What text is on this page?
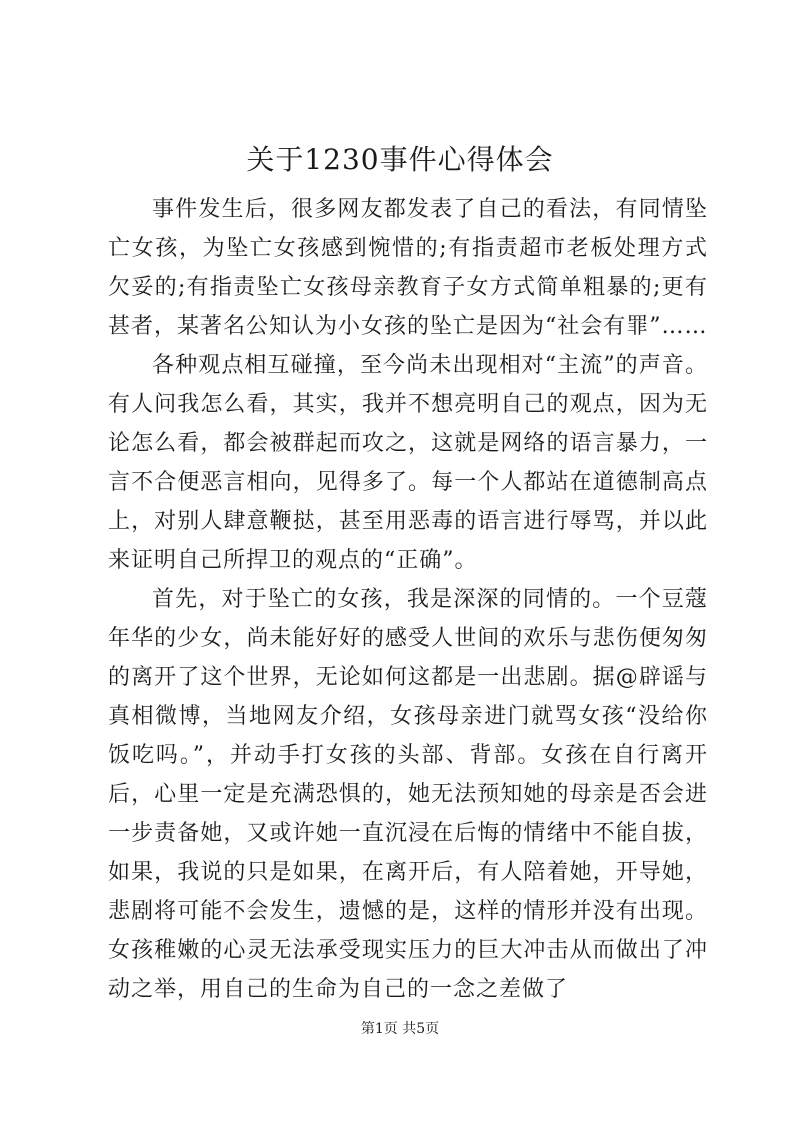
关于1230事件心得体会

事件发生后，很多网友都发表了自己的看法，有同情坠亡女孩，为坠亡女孩感到惋惜的;有指责超市老板处理方式欠妥的;有指责坠亡女孩母亲教育子女方式简单粗暴的;更有甚者，某著名公知认为小女孩的坠亡是因为“社会有罪”……

各种观点相互碰撞，至今尚未出现相对“主流”的声音。有人问我怎么看，其实，我并不想亮明自己的观点，因为无论怎么看，都会被群起而攻之，这就是网络的语言暴力，一言不合便恶言相向，见得多了。每一个人都站在道德制高点上，对别人肆意鞭挞，甚至用恶毒的语言进行辱骂，并以此来证明自己所捍卫的观点的“正确”。

首先，对于坠亡的女孩，我是深深的同情的。一个豆蔻年华的少女，尚未能好好的感受人世间的欢乐与悲伤便匆匆的离开了这个世界，无论如何这都是一出悲剧。据@辟谣与真相微博，当地网友介绍，女孩母亲进门就骂女孩“没给你饭吃吗。”，并动手打女孩的头部、背部。女孩在自行离开后，心里一定是充满恐惧的，她无法预知她的母亲是否会进一步责备她，又或许她一直沉浸在后悔的情绪中不能自拔，如果，我说的只是如果，在离开后，有人陪着她，开导她，悲剧将可能不会发生，遗憾的是，这样的情形并没有出现。女孩稚嫩的心灵无法承受现实压力的巨大冲击从而做出了冲动之举，用自己的生命为自己的一念之差做了

第1页 共5页
